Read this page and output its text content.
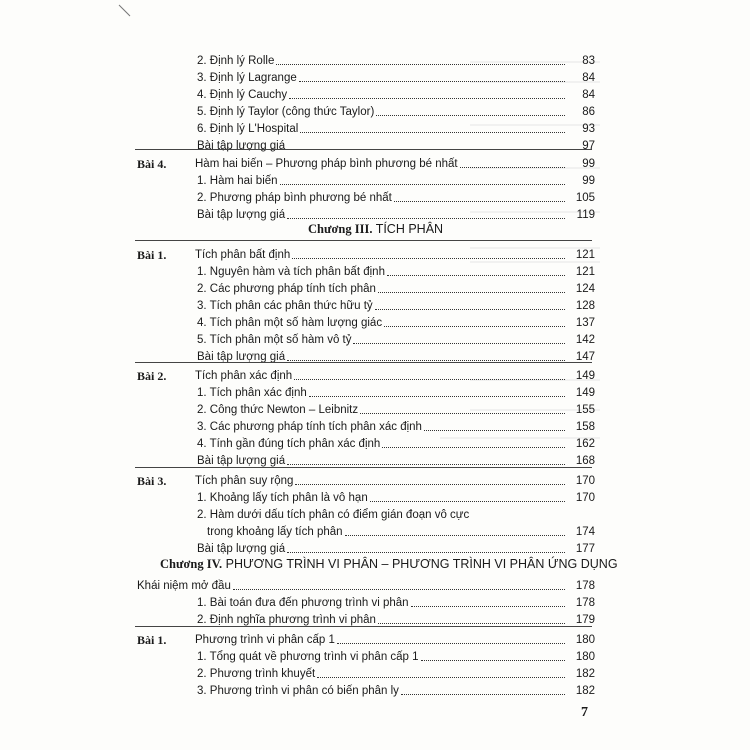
2. Định lý Rolle	83
3. Định lý Lagrange	84
4. Định lý Cauchy	84
5. Định lý Taylor (công thức Taylor)	86
6. Định lý L'Hospital	93
Bài tập lượng giá	97
Bài 4. Hàm hai biến – Phương pháp bình phương bé nhất	99
1. Hàm hai biến	99
2. Phương pháp bình phương bé nhất	105
Bài tập lượng giá	119
Chương III. TÍCH PHÂN
Bài 1. Tích phân bất định	121
1. Nguyên hàm và tích phân bất định	121
2. Các phương pháp tính tích phân	124
3. Tích phân các phân thức hữu tỷ	128
4. Tích phân một số hàm lượng giác	137
5. Tích phân một số hàm vô tỷ	142
Bài tập lượng giá	147
Bài 2. Tích phân xác định	149
1. Tích phân xác định	149
2. Công thức Newton – Leibnitz	155
3. Các phương pháp tính tích phân xác định	158
4. Tính gần đúng tích phân xác định	162
Bài tập lượng giá	168
Bài 3. Tích phân suy rộng	170
1. Khoảng lấy tích phân là vô hạn	170
2. Hàm dưới dấu tích phân có điểm gián đoạn vô cực
trong khoảng lấy tích phân	174
Bài tập lượng giá	177
Chương IV. PHƯƠNG TRÌNH VI PHÂN – PHƯƠNG TRÌNH VI PHÂN ỨNG DỤNG
Khái niệm mở đầu	178
1. Bài toán đưa đến phương trình vi phân	178
2. Định nghĩa phương trình vi phân	179
Bài 1. Phương trình vi phân cấp 1	180
1. Tổng quát về phương trình vi phân cấp 1	180
2. Phương trình khuyết	182
3. Phương trình vi phân có biến phân ly	182
7
